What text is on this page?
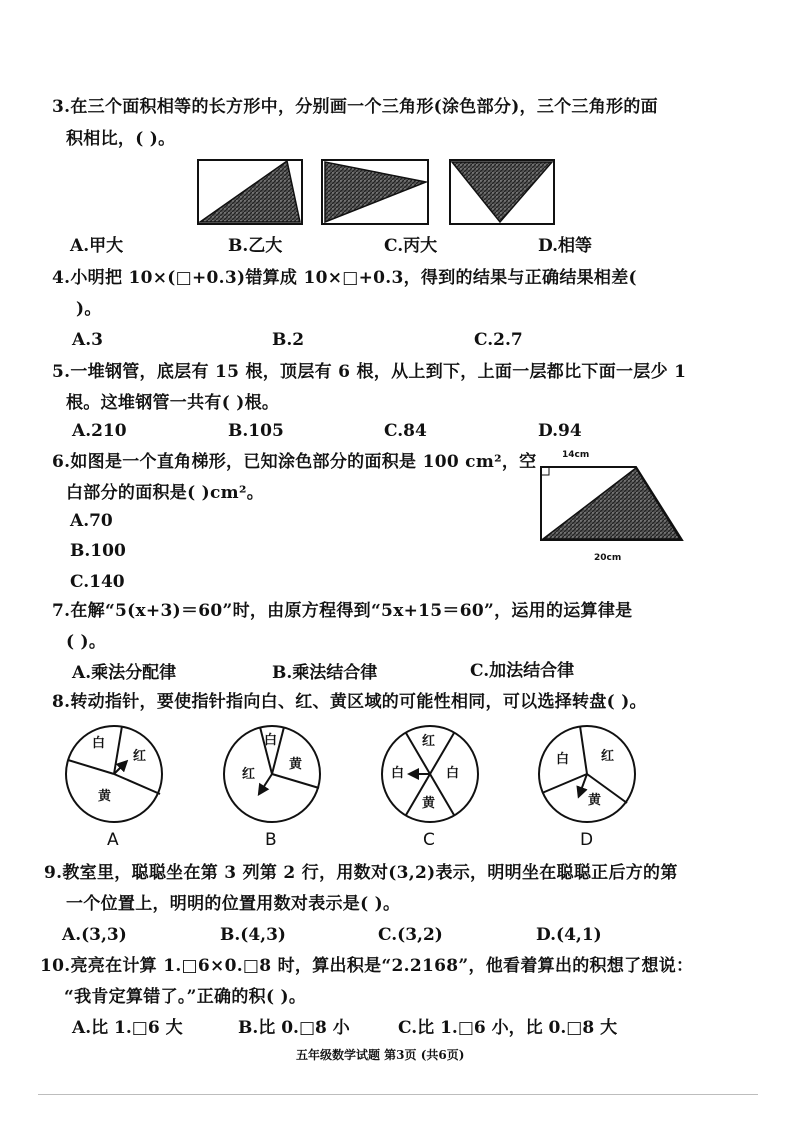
3.在三个面积相等的长方形中，分别画一个三角形(涂色部分)，三个三角形的面
积相比，( )。
A.甲大	B.乙大	C.丙大	D.相等
4.小明把 10×(□+0.3)错算成 10×□+0.3，得到的结果与正确结果相差(
)。
A.3	B.2	C.2.7
5.一堆钢管，底层有 15 根，顶层有 6 根，从上到下，上面一层都比下面一层少 1
根。这堆钢管一共有( )根。
A.210	B.105	C.84	D.94
6.如图是一个直角梯形，已知涂色部分的面积是 100 cm²，空
白部分的面积是( )cm²。
A.70
B.100
C.140
14cm
20cm
7.在解“5(x+3)＝60”时，由原方程得到“5x+15＝60”，运用的运算律是
( )。
A.乘法分配律	B.乘法结合律	C.加法结合律
8.转动指针，要使指针指向白、红、黄区域的可能性相同，可以选择转盘( )。
白
红
黄
白
黄
红
红
白	白
黄
白 红
黄
A	B	C	D
9.教室里，聪聪坐在第 3 列第 2 行，用数对(3,2)表示，明明坐在聪聪正后方的第
一个位置上，明明的位置用数对表示是( )。
A.(3,3)	B.(4,3)	C.(3,2)	D.(4,1)
10.亮亮在计算 1.□6×0.□8 时，算出积是“2.2168”，他看着算出的积想了想说：
“我肯定算错了。”正确的积( )。
A.比 1.□6 大	B.比 0.□8 小	C.比 1.□6 小，比 0.□8 大
五年级数学试题 第3页 (共6页)
